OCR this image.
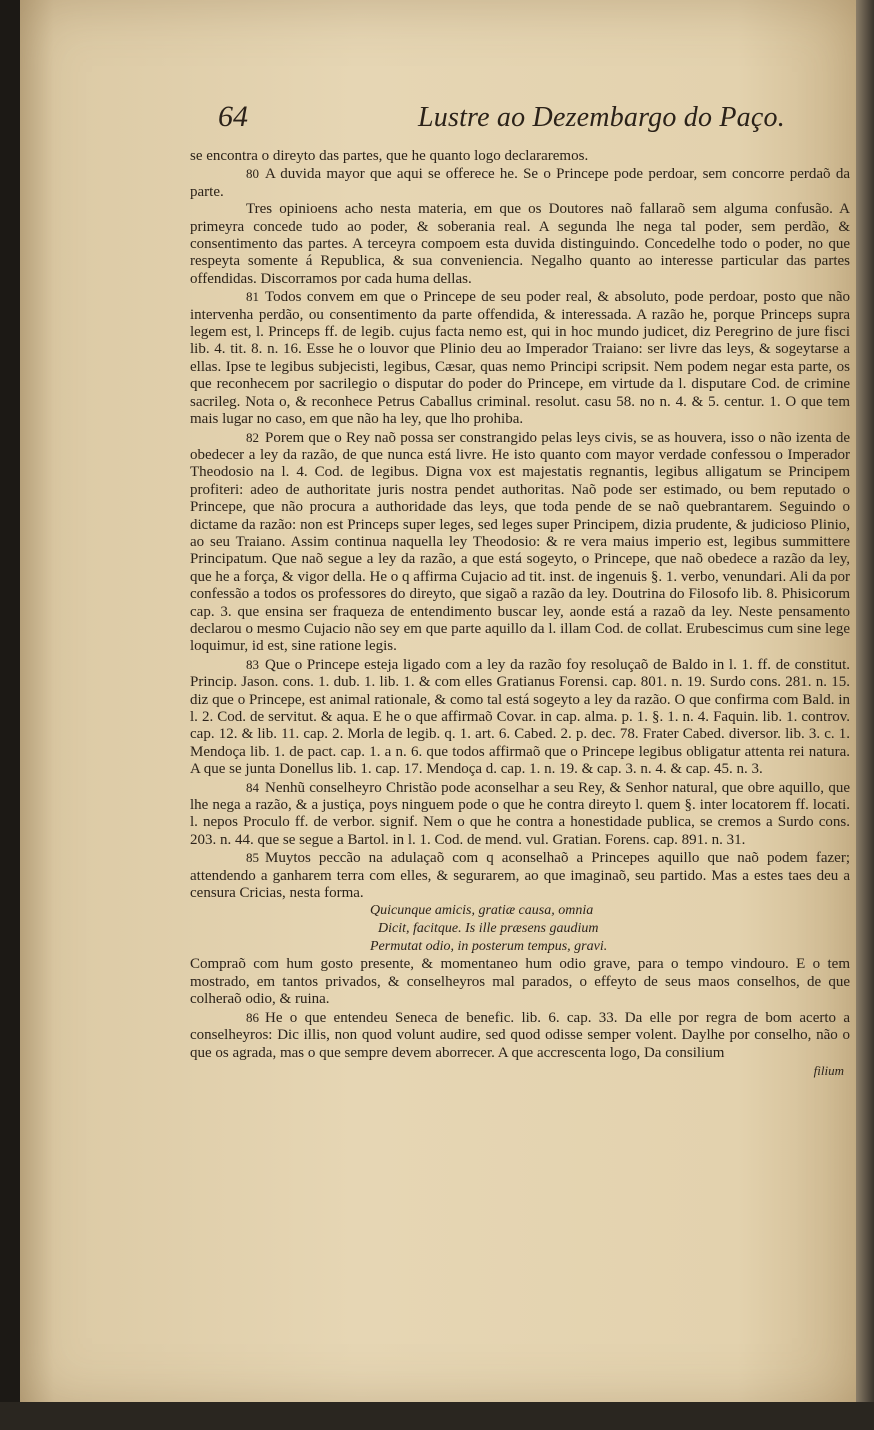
64	Lustre ao Dezembargo do Paço.

se encontra o direyto das partes, que he quanto logo declararemos.

80 A duvida mayor que aqui se offerece he. Se o Princepe pode perdoar, sem concorre perdaõ da parte.

Tres opinioens acho nesta materia, em que os Doutores naõ fallaraõ sem alguma confusão. A primeyra concede tudo ao poder, & soberania real. A segunda lhe nega tal poder, sem perdão, & consentimento das partes. A terceyra compoem esta duvida distinguindo. Concedelhe todo o poder, no que respeyta somente á Republica, & sua conveniencia. Negalho quanto ao interesse particular das partes offendidas. Discorramos por cada huma dellas.

81 Todos convem em que o Princepe de seu poder real, & absoluto, pode perdoar, posto que não intervenha perdão, ou consentimento da parte offendida, & interessada. A razão he, porque Princeps supra legem est, l. Princeps ff. de legib. cujus facta nemo est, qui in hoc mundo judicet, diz Peregrino de jure fisci lib. 4. tit. 8. n. 16. Esse he o louvor que Plinio deu ao Imperador Traiano: ser livre das leys, & sogeytarse a ellas. Ipse te legibus subjecisti, legibus, Cæsar, quas nemo Principi scripsit. Nem podem negar esta parte, os que reconhecem por sacrilegio o disputar do poder do Princepe, em virtude da l. disputare Cod. de crimine sacrileg. Nota o, & reconhece Petrus Caballus criminal. resolut. casu 58. no n. 4. & 5. centur. 1. O que tem mais lugar no caso, em que não ha ley, que lho prohiba.

82 Porem que o Rey naõ possa ser constrangido pelas leys civis, se as houvera, isso o não izenta de obedecer a ley da razão, de que nunca está livre. He isto quanto com mayor verdade confessou o Imperador Theodosio na l. 4. Cod. de legibus. Digna vox est majestatis regnantis, legibus alligatum se Principem profiteri: adeo de authoritate juris nostra pendet authoritas. Naõ pode ser estimado, ou bem reputado o Princepe, que não procura a authoridade das leys, que toda pende de se naõ quebrantarem. Seguindo o dictame da razão: non est Princeps super leges, sed leges super Principem, dizia prudente, & judicioso Plinio, ao seu Traiano. Assim continua naquella ley Theodosio: & re vera maius imperio est, legibus summittere Principatum. Que naõ segue a ley da razão, a que está sogeyto, o Princepe, que naõ obedece a razão da ley, que he a força, & vigor della. He o q affirma Cujacio ad tit. inst. de ingenuis §. 1. verbo, venundari. Ali da por confessão a todos os professores do direyto, que sigaõ a razão da ley. Doutrina do Filosofo lib. 8. Phisicorum cap. 3. que ensina ser fraqueza de entendimento buscar ley, aonde está a razaõ da ley. Neste pensamento declarou o mesmo Cujacio não sey em que parte aquillo da l. illam Cod. de collat. Erubescimus cum sine lege loquimur, id est, sine ratione legis.

83 Que o Princepe esteja ligado com a ley da razão foy resoluçaõ de Baldo in l. 1. ff. de constitut. Princip. Jason. cons. 1. dub. 1. lib. 1. & com elles Gratianus Forensi. cap. 801. n. 19. Surdo cons. 281. n. 15. diz que o Princepe, est animal rationale, & como tal está sogeyto a ley da razão. O que confirma com Bald. in l. 2. Cod. de servitut. & aqua. E he o que affirmaõ Covar. in cap. alma. p. 1. §. 1. n. 4. Faquin. lib. 1. controv. cap. 12. & lib. 11. cap. 2. Morla de legib. q. 1. art. 6. Cabed. 2. p. dec. 78. Frater Cabed. diversor. lib. 3. c. 1. Mendoça lib. 1. de pact. cap. 1. a n. 6. que todos affirmaõ que o Princepe legibus obligatur attenta rei natura. A que se junta Donellus lib. 1. cap. 17. Mendoça d. cap. 1. n. 19. & cap. 3. n. 4. & cap. 45. n. 3.

84 Nenhũ conselheyro Christão pode aconselhar a seu Rey, & Senhor natural, que obre aquillo, que lhe nega a razão, & a justiça, poys ninguem pode o que he contra direyto l. quem §. inter locatorem ff. locati. l. nepos Proculo ff. de verbor. signif. Nem o que he contra a honestidade publica, se cremos a Surdo cons. 203. n. 44. que se segue a Bartol. in l. 1. Cod. de mend. vul. Gratian. Forens. cap. 891. n. 31.

85 Muytos peccão na adulaçaõ com q aconselhaõ a Princepes aquillo que naõ podem fazer; attendendo a ganharem terra com elles, & segurarem, ao que imaginaõ, seu partido. Mas a estes taes deu a censura Cricias, nesta forma.

Quicunque amicis, gratiæ causa, omnia

Dicit, facitque. Is ille præsens gaudium

Permutat odio, in posterum tempus, gravi.

Compraõ com hum gosto presente, & momentaneo hum odio grave, para o tempo vindouro. E o tem mostrado, em tantos privados, & conselheyros mal parados, o effeyto de seus maos conselhos, de que colheraõ odio, & ruina.

86 He o que entendeu Seneca de benefic. lib. 6. cap. 33. Da elle por regra de bom acerto a conselheyros: Dic illis, non quod volunt audire, sed quod odisse semper volent. Daylhe por conselho, não o que os agrada, mas o que sempre devem aborrecer. A que accrescenta logo, Da consilium

filium
